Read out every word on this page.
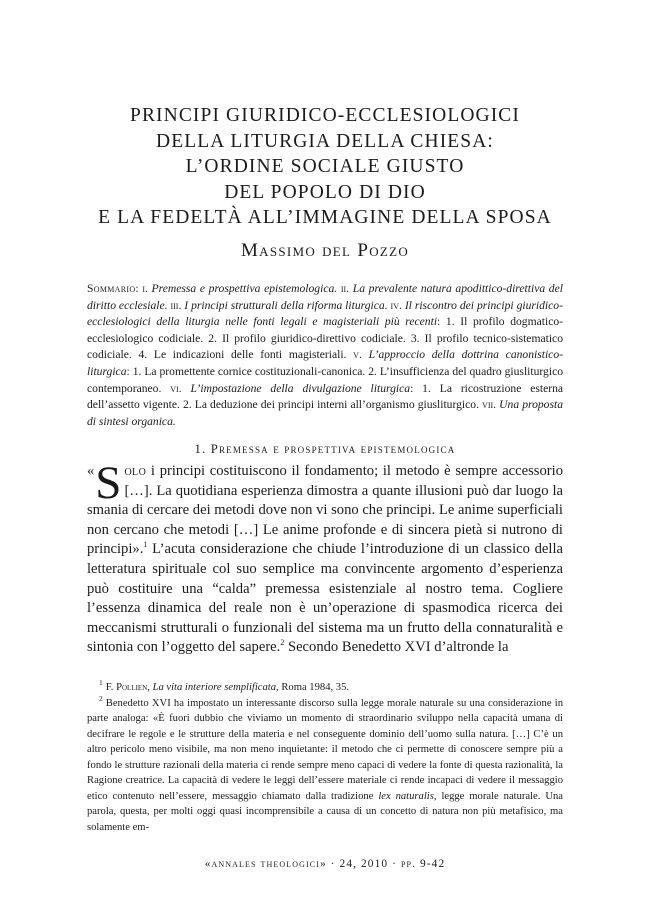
PRINCIPI GIURIDICO-ECCLESIOLOGICI
DELLA LITURGIA DELLA CHIESA:
L’ORDINE SOCIALE GIUSTO
DEL POPOLO DI DIO
E LA FEDELTÀ ALL’IMMAGINE DELLA SPOSA
Massimo del Pozzo
Sommario: i. Premessa e prospettiva epistemologica. ii. La prevalente natura apodittico-direttiva del diritto ecclesiale. iii. I principi strutturali della riforma liturgica. iv. Il riscontro dei principi giuridico-ecclesiologici della liturgia nelle fonti legali e magisteriali più recenti: 1. Il profilo dogmatico-ecclesiologico codiciale. 2. Il profilo giuridico-direttivo codiciale. 3. Il profilo tecnico-sistematico codiciale. 4. Le indicazioni delle fonti magisteriali. v. L’approccio della dottrina canonistico-liturgica: 1. La promettente cornice costituzionali-canonica. 2. L’insufficienza del quadro giusliturgico contemporaneo. vi. L’impostazione della divulgazione liturgica: 1. La ricostruzione esterna dell’assetto vigente. 2. La deduzione dei principi interni all’organismo giusliturgico. vii. Una proposta di sintesi organica.
1. Premessa e prospettiva epistemologica
« S olo i principi costituiscono il fondamento; il metodo è sempre accessorio […]. La quotidiana esperienza dimostra a quante illusioni può dar luogo la smania di cercare dei metodi dove non vi sono che principi. Le anime superficiali non cercano che metodi […] Le anime profonde e di sincera pietà si nutrono di principi».$^1$ L’acuta considerazione che chiude l’introduzione di un classico della letteratura spirituale col suo semplice ma convincente argomento d’esperienza può costituire una “calda” premessa esistenziale al nostro tema. Cogliere l’essenza dinamica del reale non è un’operazione di spasmodica ricerca dei meccanismi strutturali o funzionali del sistema ma un frutto della connaturalità e sintonia con l’oggetto del sapere.$^2$ Secondo Benedetto XVI d’altronde la

$^1$ F. Pollien, La vita interiore semplificata, Roma 1984, 35.

$^2$ Benedetto XVI ha impostato un interessante discorso sulla legge morale naturale su una considerazione in parte analoga: «È fuori dubbio che viviamo un momento di straordinario sviluppo nella capacità umana di decifrare le regole e le strutture della materia e nel conseguente dominio dell’uomo sulla natura. […] C’è un altro pericolo meno visibile, ma non meno inquietante: il metodo che ci permette di conoscere sempre più a fondo le strutture razionali della materia ci rende sempre meno capaci di vedere la fonte di questa razionalità, la Ragione creatrice. La capacità di vedere le leggi dell’essere materiale ci rende incapaci di vedere il messaggio etico contenuto nell’essere, messaggio chiamato dalla tradizione lex naturalis, legge morale naturale. Una parola, questa, per molti oggi quasi incomprensibile a causa di un concetto di natura non più metafisico, ma solamente em-

«annales theologici» · 24, 2010 · pp. 9-42
